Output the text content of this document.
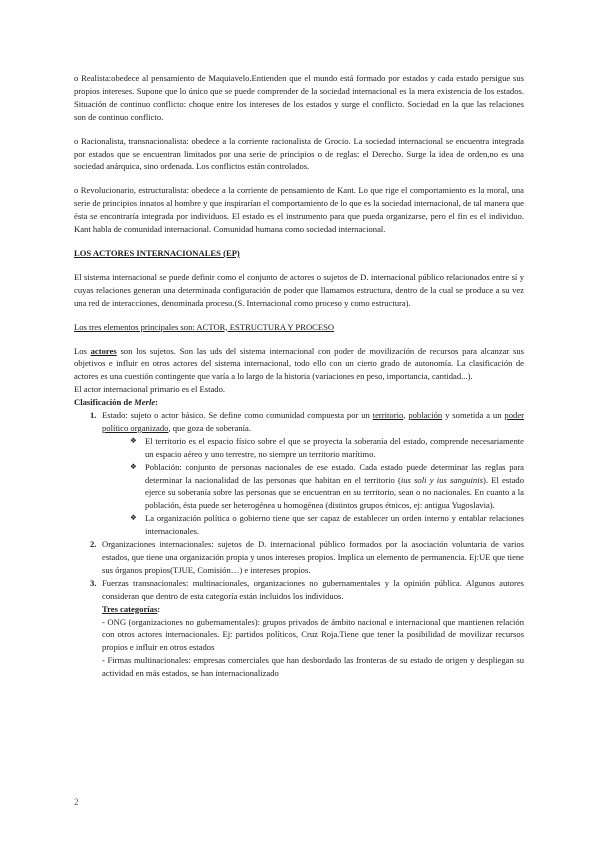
o Realista:obedece al pensamiento de Maquiavelo.Entienden que el mundo está formado por estados y cada estado persigue sus propios intereses. Supone que lo único que se puede comprender de la sociedad internacional es la mera existencia de los estados. Situación de continuo conflicto: choque entre los intereses de los estados y surge el conflicto. Sociedad en la que las relaciones son de continuo conflicto.

o Racionalista, transnacionalista: obedece a la corriente racionalista de Grocio. La sociedad internacional se encuentra integrada por estados que se encuentran limitados por una serie de principios o de reglas: el Derecho. Surge la idea de orden,no es una sociedad anárquica, sino ordenada. Los conflictos están controlados.

o Revolucionario, estructuralista: obedece a la corriente de pensamiento de Kant. Lo que rige el comportamiento es la moral, una serie de principios innatos al hombre y que inspirarían el comportamiento de lo que es la sociedad internacional, de tal manera que ésta se encontraría integrada por individuos. El estado es el instrumento para que pueda organizarse, pero el fin es el individuo. Kant habla de comunidad internacional. Comunidad humana como sociedad internacional.

LOS ACTORES INTERNACIONALES (EP)

El sistema internacional se puede definir como el conjunto de actores o sujetos de D. internacional público relacionados entre sí y cuyas relaciones generan una determinada configuración de poder que llamamos estructura, dentro de la cual se produce a su vez una red de interacciones, denominada proceso.(S. Internacional como proceso y como estructura).

Los tres elementos principales son: ACTOR, ESTRUCTURA Y PROCESO

Los actores son los sujetos. Son las uds del sistema internacional con poder de movilización de recursos para alcanzar sus objetivos e influir en otros actores del sistema internacional, todo ello con un cierto grado de autonomía. La clasificación de actores es una cuestión contingente que varía a lo largo de la historia (variaciones en peso, importancia, cantidad...).

El actor internacional primario es el Estado.

Clasificación de Merle:

1. Estado: sujeto o actor básico. Se define como comunidad compuesta por un territorio, población y sometida a un poder político organizado, que goza de soberanía.

❖ El territorio es el espacio físico sobre el que se proyecta la soberanía del estado, comprende necesariamente un espacio aéreo y uno terrestre, no siempre un territorio marítimo.
❖ Población: conjunto de personas nacionales de ese estado. Cada estado puede determinar las reglas para determinar la nacionalidad de las personas que habitan en el territorio (ius soli y ius sanguinis). El estado ejerce su soberanía sobre las personas que se encuentran en su territorio, sean o no nacionales. En cuanto a la población, ésta puede ser heterogénea u homogénea (distintos grupos étnicos, ej: antigua Yugoslavia).
❖ La organización política o gobierno tiene que ser capaz de establecer un orden interno y entablar relaciones internacionales.
2. Organizaciones internacionales: sujetos de D. internacional público formados por la asociación voluntaria de varios estados, que tiene una organización propia y unos intereses propios. Implica un elemento de permanencia. Ej:UE que tiene sus órganos propios(TJUE, Comisión…) e intereses propios.

3. Fuerzas transnacionales: multinacionales, organizaciones no gubernamentales y la opinión pública. Algunos autores consideran que dentro de esta categoría están incluidos los individuos.

Tres categorías:

- ONG (organizaciones no gubernamentales): grupos privados de ámbito nacional e internacional que mantienen relación con otros actores internacionales. Ej: partidos políticos, Cruz Roja.Tiene que tener la posibilidad de movilizar recursos propios e influir en otros estados

- Firmas multinacionales: empresas comerciales que han desbordado las fronteras de su estado de origen y despliegan su actividad en más estados, se han internacionalizado

2
